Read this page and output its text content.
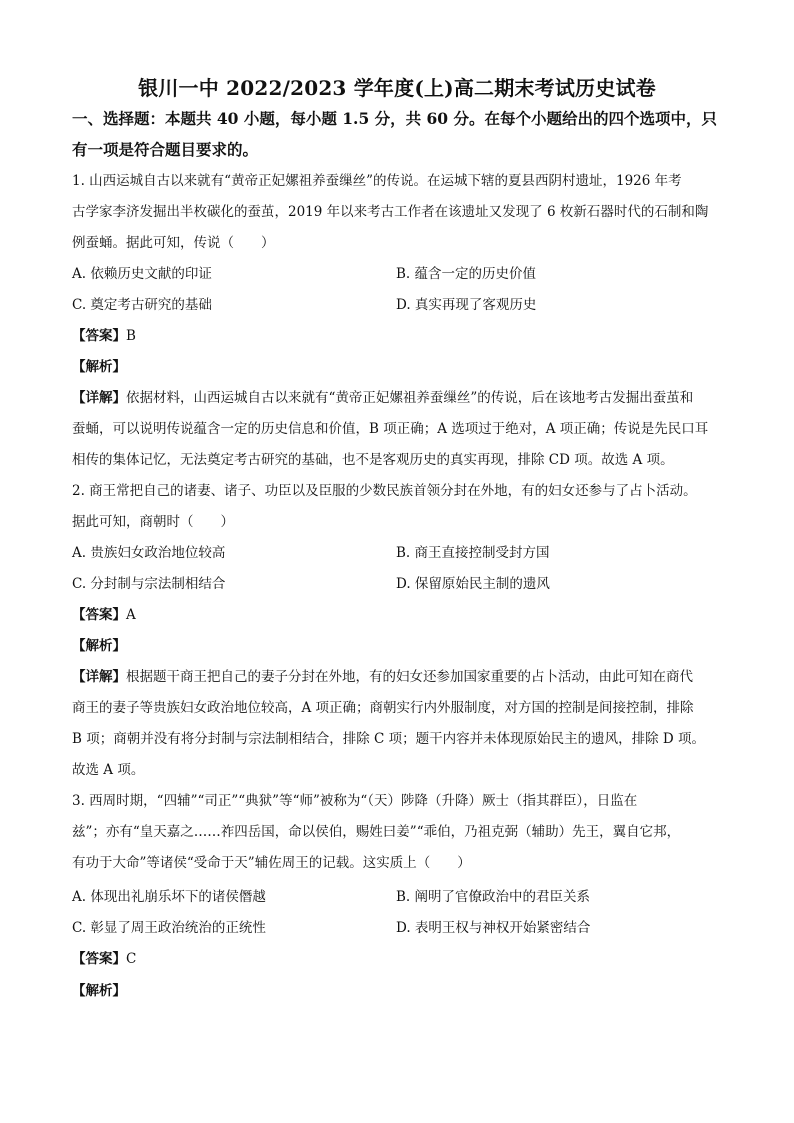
银川一中 2022/2023 学年度(上)高二期末考试历史试卷
一、选择题：本题共 40 小题，每小题 1.5 分，共 60 分。在每个小题给出的四个选项中，只
有一项是符合题目要求的。
1. 山西运城自古以来就有“黄帝正妃嫘祖养蚕缫丝”的传说。在运城下辖的夏县西阴村遗址，1926 年考
古学家李济发掘出半枚碳化的蚕茧，2019 年以来考古工作者在该遗址又发现了 6 枚新石器时代的石制和陶
例蚕蛹。据此可知，传说（　　）
A. 依赖历史文献的印证	B. 蕴含一定的历史价值
C. 奠定考古研究的基础	D. 真实再现了客观历史
【答案】B
【解析】
【详解】依据材料，山西运城自古以来就有“黄帝正妃嫘祖养蚕缫丝”的传说，后在该地考古发掘出蚕茧和
蚕蛹，可以说明传说蕴含一定的历史信息和价值，B 项正确；A 选项过于绝对，A 项正确；传说是先民口耳
相传的集体记忆，无法奠定考古研究的基础，也不是客观历史的真实再现，排除 CD 项。故选 A 项。
2. 商王常把自己的诸妻、诸子、功臣以及臣服的少数民族首领分封在外地，有的妇女还参与了占卜活动。
据此可知，商朝时（　　）
A. 贵族妇女政治地位较高	B. 商王直接控制受封方国
C. 分封制与宗法制相结合	D. 保留原始民主制的遗风
【答案】A
【解析】
【详解】根据题干商王把自己的妻子分封在外地，有的妇女还参加国家重要的占卜活动，由此可知在商代
商王的妻子等贵族妇女政治地位较高，A 项正确；商朝实行内外服制度，对方国的控制是间接控制，排除
B 项；商朝并没有将分封制与宗法制相结合，排除 C 项；题干内容并未体现原始民主的遗风，排除 D 项。
故选 A 项。
3. 西周时期，“四辅”“司正”“典狱”等“师”被称为“（天）陟降（升降）厥士（指其群臣），日监在
兹”；亦有“皇天嘉之……祚四岳国，命以侯伯，赐姓曰姜”“乖伯，乃祖克弼（辅助）先王，翼自它邦，
有功于大命”等诸侯“受命于天”辅佐周王的记载。这实质上（　　）
A. 体现出礼崩乐坏下的诸侯僭越	B. 阐明了官僚政治中的君臣关系
C. 彰显了周王政治统治的正统性	D. 表明王权与神权开始紧密结合
【答案】C
【解析】
